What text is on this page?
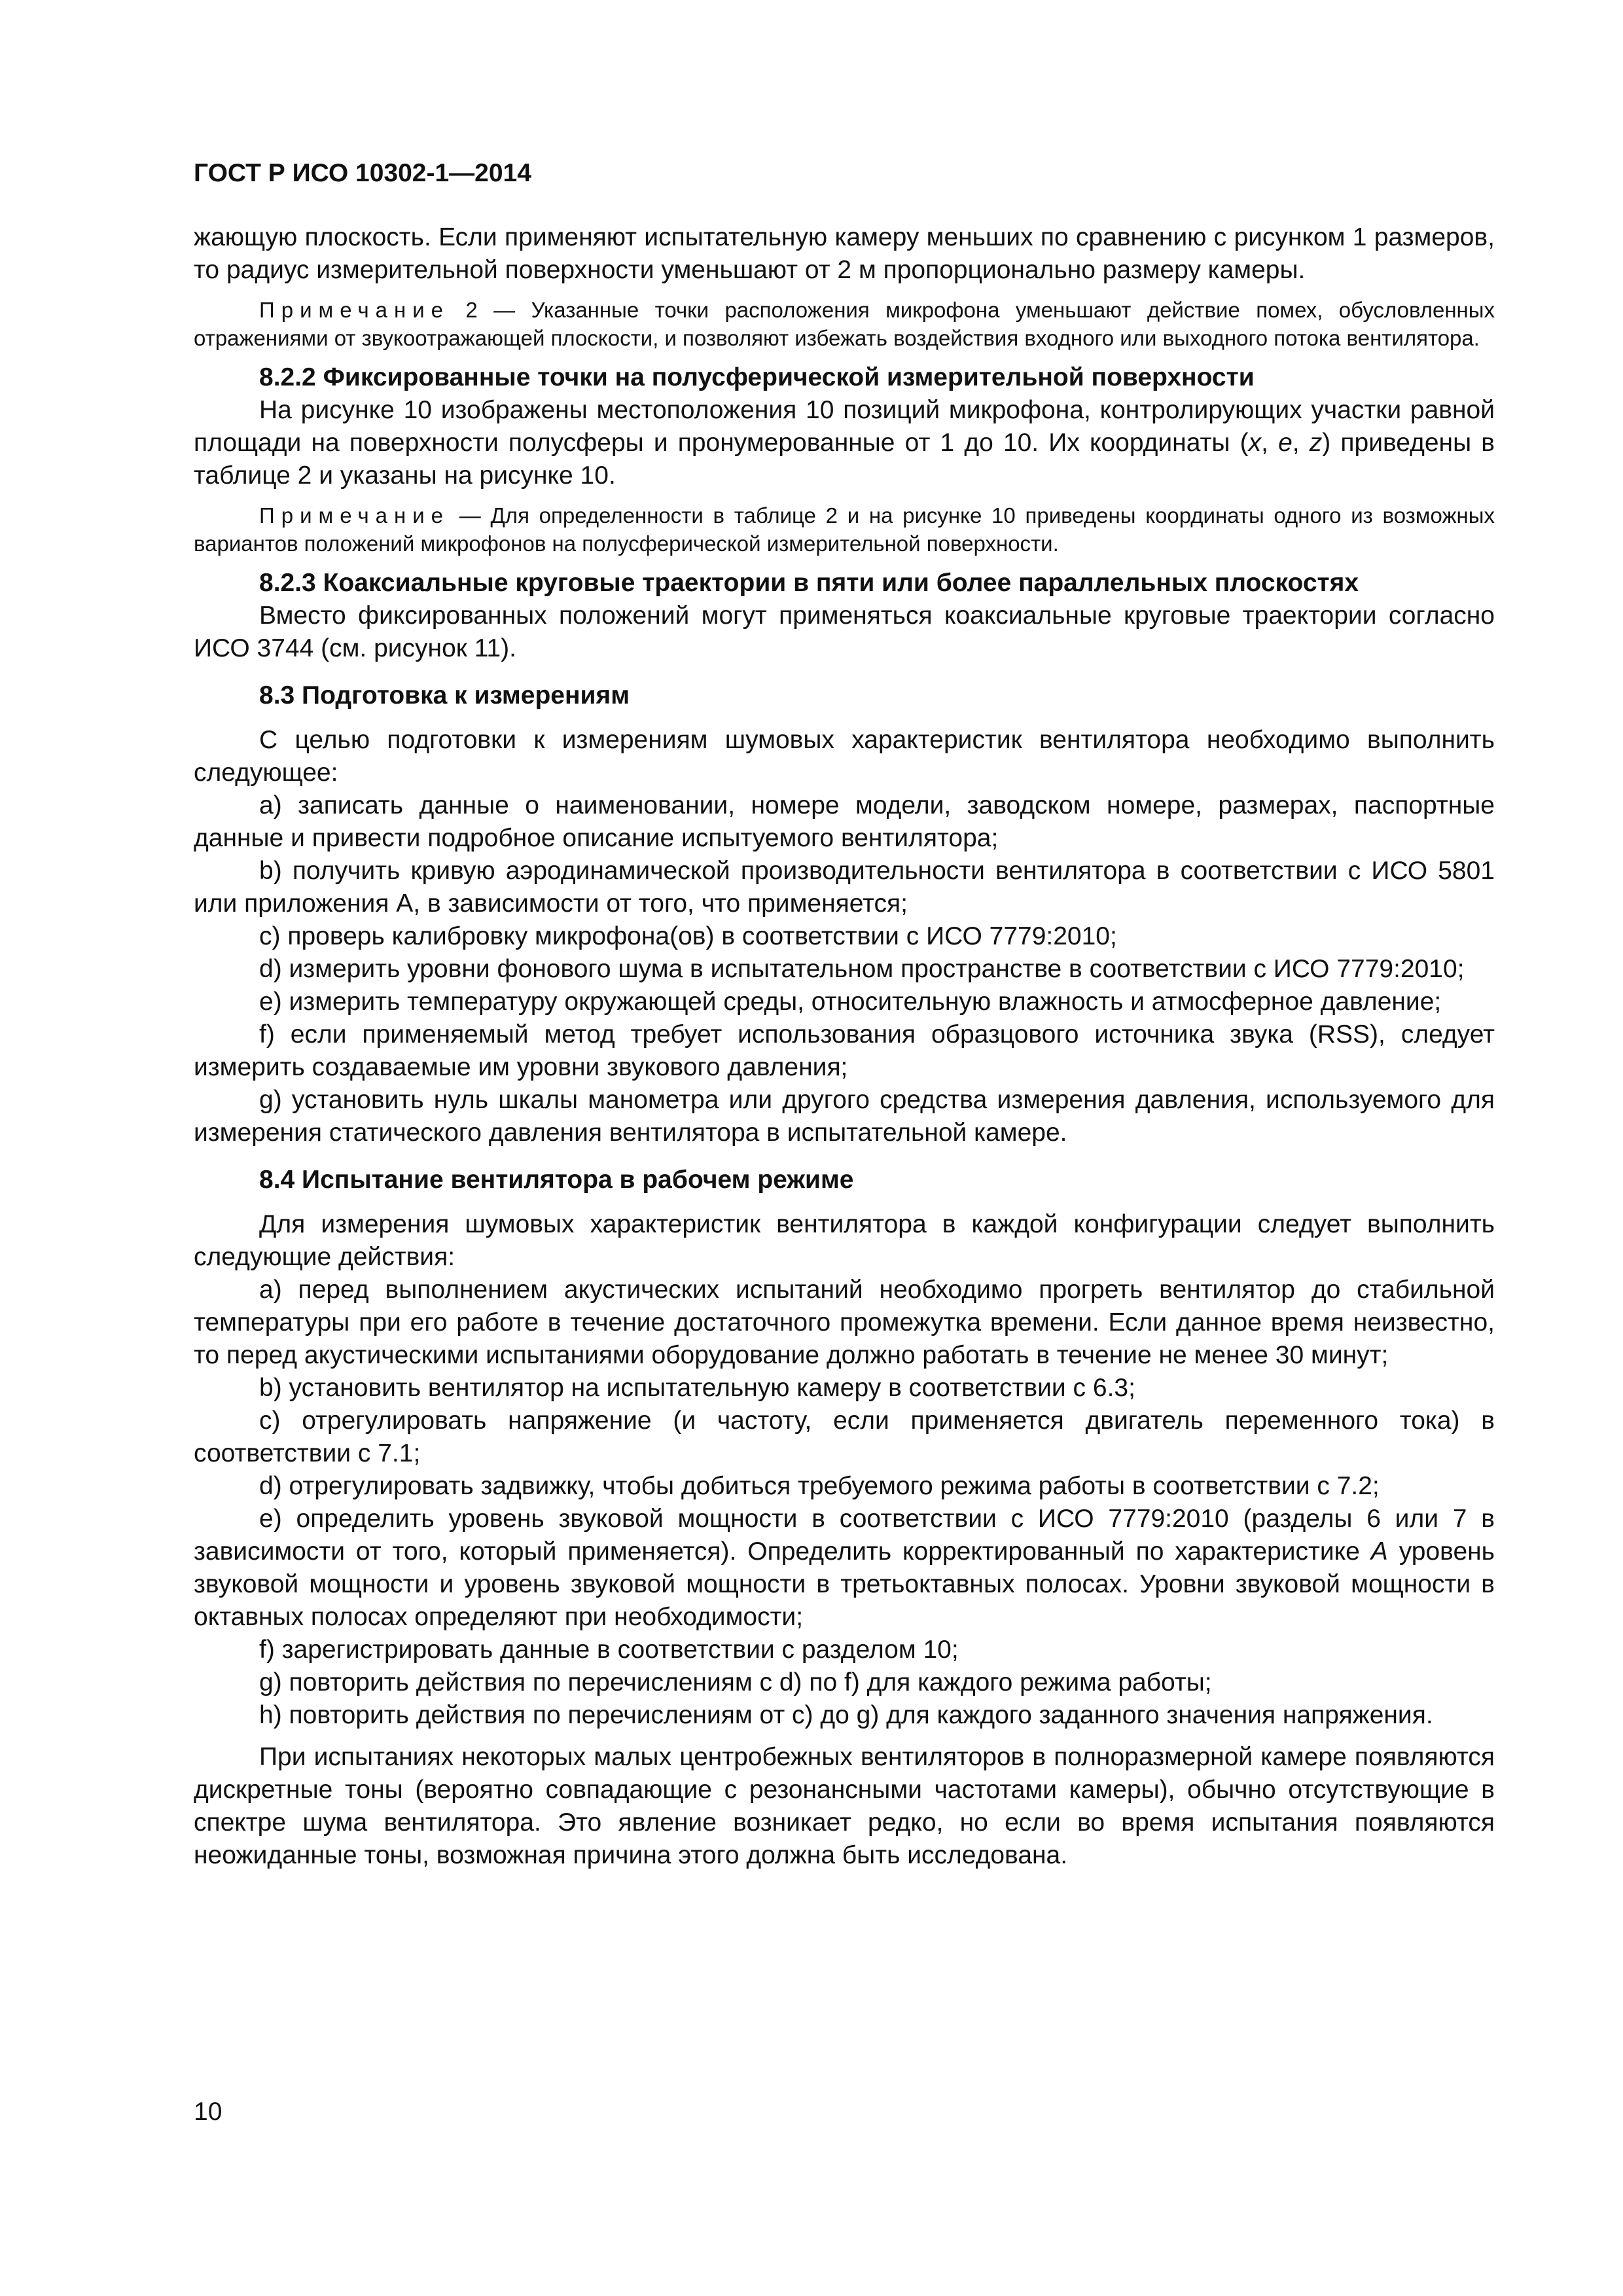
ГОСТ Р ИСО 10302-1—2014

жающую плоскость. Если применяют испытательную камеру меньших по сравнению с рисунком 1 размеров, то радиус измерительной поверхности уменьшают от 2 м пропорционально размеру камеры.

Примечание 2 — Указанные точки расположения микрофона уменьшают действие помех, обусловленных отражениями от звукоотражающей плоскости, и позволяют избежать воздействия входного или выходного потока вентилятора.

8.2.2 Фиксированные точки на полусферической измерительной поверхности

На рисунке 10 изображены местоположения 10 позиций микрофона, контролирующих участки равной площади на поверхности полусферы и пронумерованные от 1 до 10. Их координаты (x, e, z) приведены в таблице 2 и указаны на рисунке 10.

Примечание — Для определенности в таблице 2 и на рисунке 10 приведены координаты одного из возможных вариантов положений микрофонов на полусферической измерительной поверхности.

8.2.3 Коаксиальные круговые траектории в пяти или более параллельных плоскостях

Вместо фиксированных положений могут применяться коаксиальные круговые траектории согласно ИСО 3744 (см. рисунок 11).

8.3 Подготовка к измерениям

С целью подготовки к измерениям шумовых характеристик вентилятора необходимо выполнить следующее:

a) записать данные о наименовании, номере модели, заводском номере, размерах, паспортные данные и привести подробное описание испытуемого вентилятора;

b) получить кривую аэродинамической производительности вентилятора в соответствии с ИСО 5801 или приложения А, в зависимости от того, что применяется;

c) проверь калибровку микрофона(ов) в соответствии с ИСО 7779:2010;

d) измерить уровни фонового шума в испытательном пространстве в соответствии с ИСО 7779:2010;

e) измерить температуру окружающей среды, относительную влажность и атмосферное давление;

f) если применяемый метод требует использования образцового источника звука (RSS), следует измерить создаваемые им уровни звукового давления;

g) установить нуль шкалы манометра или другого средства измерения давления, используемого для измерения статического давления вентилятора в испытательной камере.

8.4 Испытание вентилятора в рабочем режиме

Для измерения шумовых характеристик вентилятора в каждой конфигурации следует выполнить следующие действия:

a) перед выполнением акустических испытаний необходимо прогреть вентилятор до стабильной температуры при его работе в течение достаточного промежутка времени. Если данное время неизвестно, то перед акустическими испытаниями оборудование должно работать в течение не менее 30 минут;

b) установить вентилятор на испытательную камеру в соответствии с 6.3;

c) отрегулировать напряжение (и частоту, если применяется двигатель переменного тока) в соответствии с 7.1;

d) отрегулировать задвижку, чтобы добиться требуемого режима работы в соответствии с 7.2;

e) определить уровень звуковой мощности в соответствии с ИСО 7779:2010 (разделы 6 или 7 в зависимости от того, который применяется). Определить корректированный по характеристике А уровень звуковой мощности и уровень звуковой мощности в третьоктавных полосах. Уровни звуковой мощности в октавных полосах определяют при необходимости;

f) зарегистрировать данные в соответствии с разделом 10;

g) повторить действия по перечислениям с d) по f) для каждого режима работы;

h) повторить действия по перечислениям от c) до g) для каждого заданного значения напряжения.

При испытаниях некоторых малых центробежных вентиляторов в полноразмерной камере появляются дискретные тоны (вероятно совпадающие с резонансными частотами камеры), обычно отсутствующие в спектре шума вентилятора. Это явление возникает редко, но если во время испытания появляются неожиданные тоны, возможная причина этого должна быть исследована.

10
